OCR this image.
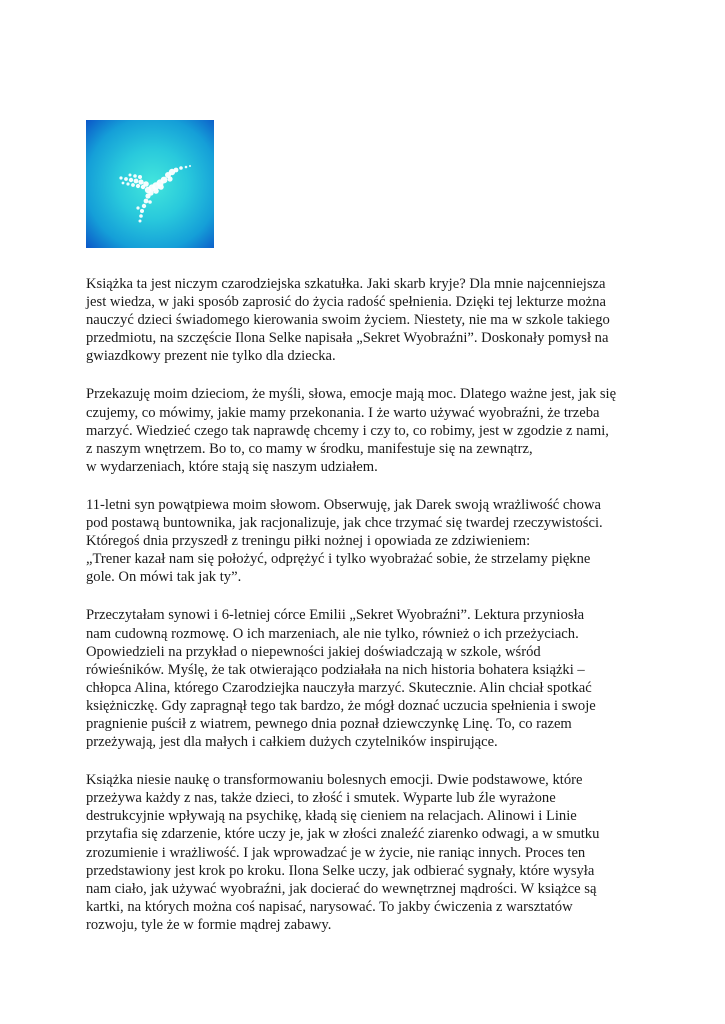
Książka ta jest niczym czarodziejska szkatułka. Jaki skarb kryje? Dla mnie najcenniejsza
jest wiedza, w jaki sposób zaprosić do życia radość spełnienia. Dzięki tej lekturze można
nauczyć dzieci świadomego kierowania swoim życiem. Niestety, nie ma w szkole takiego
przedmiotu, na szczęście Ilona Selke napisała „Sekret Wyobraźni”. Doskonały pomysł na
gwiazdkowy prezent nie tylko dla dziecka.

Przekazuję moim dzieciom, że myśli, słowa, emocje mają moc. Dlatego ważne jest, jak się
czujemy, co mówimy, jakie mamy przekonania. I że warto używać wyobraźni, że trzeba
marzyć. Wiedzieć czego tak naprawdę chcemy i czy to, co robimy, jest w zgodzie z nami,
z naszym wnętrzem. Bo to, co mamy w środku, manifestuje się na zewnątrz,
w wydarzeniach, które stają się naszym udziałem.

11-letni syn powątpiewa moim słowom. Obserwuję, jak Darek swoją wrażliwość chowa
pod postawą buntownika, jak racjonalizuje, jak chce trzymać się twardej rzeczywistości.
Któregoś dnia przyszedł z treningu piłki nożnej i opowiada ze zdziwieniem:
„Trener kazał nam się położyć, odprężyć i tylko wyobrażać sobie, że strzelamy piękne
gole. On mówi tak jak ty”.

Przeczytałam synowi i 6-letniej córce Emilii „Sekret Wyobraźni”. Lektura przyniosła
nam cudowną rozmowę. O ich marzeniach, ale nie tylko, również o ich przeżyciach.
Opowiedzieli na przykład o niepewności jakiej doświadczają w szkole, wśród
rówieśników. Myślę, że tak otwierająco podziałała na nich historia bohatera książki –
chłopca Alina, którego Czarodziejka nauczyła marzyć. Skutecznie. Alin chciał spotkać
księżniczkę. Gdy zapragnął tego tak bardzo, że mógł doznać uczucia spełnienia i swoje
pragnienie puścił z wiatrem, pewnego dnia poznał dziewczynkę Linę. To, co razem
przeżywają, jest dla małych i całkiem dużych czytelników inspirujące.

Książka niesie naukę o transformowaniu bolesnych emocji. Dwie podstawowe, które
przeżywa każdy z nas, także dzieci, to złość i smutek. Wyparte lub źle wyrażone
destrukcyjnie wpływają na psychikę, kładą się cieniem na relacjach. Alinowi i Linie
przytafia się zdarzenie, które uczy je, jak w złości znaleźć ziarenko odwagi, a w smutku
zrozumienie i wrażliwość. I jak wprowadzać je w życie, nie raniąc innych. Proces ten
przedstawiony jest krok po kroku. Ilona Selke uczy, jak odbierać sygnały, które wysyła
nam ciało, jak używać wyobraźni, jak docierać do wewnętrznej mądrości. W książce są
kartki, na których można coś napisać, narysować. To jakby ćwiczenia z warsztatów
rozwoju, tyle że w formie mądrej zabawy.
